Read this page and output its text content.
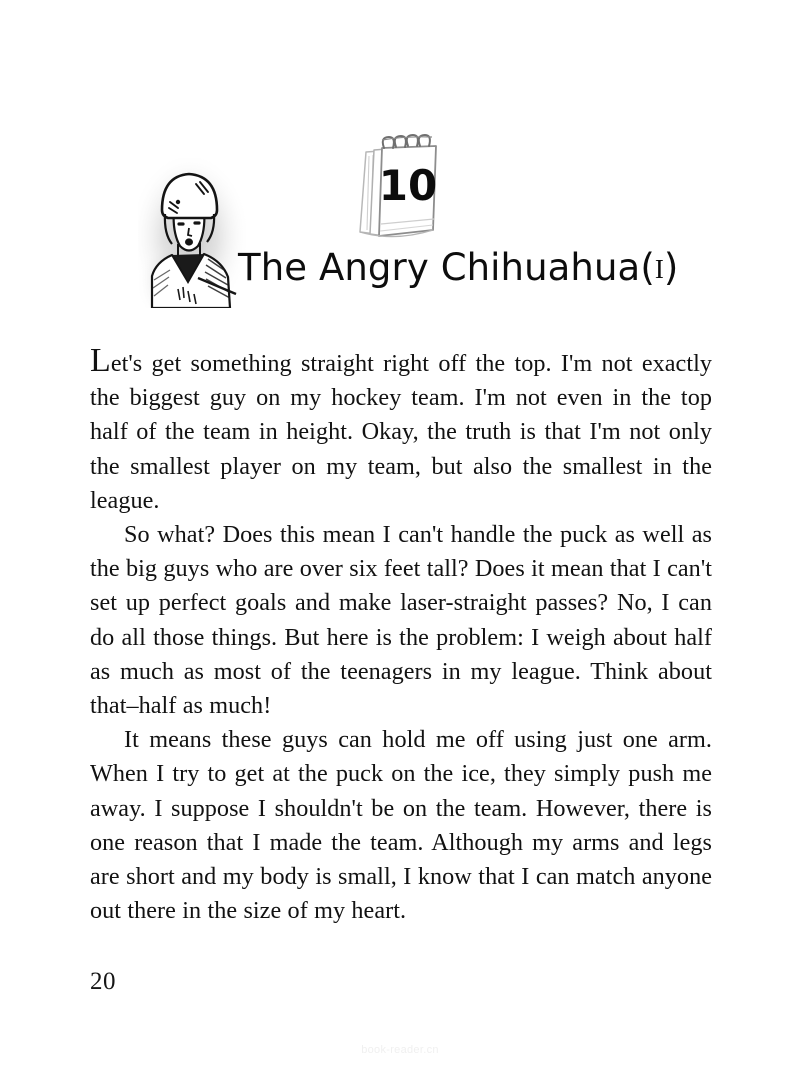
10
The Angry Chihuahua(I)

Let's get something straight right off the top. I'm not exactly the biggest guy on my hockey team. I'm not even in the top half of the team in height. Okay, the truth is that I'm not only the smallest player on my team, but also the smallest in the league.

So what? Does this mean I can't handle the puck as well as the big guys who are over six feet tall? Does it mean that I can't set up perfect goals and make laser-straight passes? No, I can do all those things. But here is the problem: I weigh about half as much as most of the teenagers in my league. Think about that–half as much!

It means these guys can hold me off using just one arm. When I try to get at the puck on the ice, they simply push me away. I suppose I shouldn't be on the team. However, there is one reason that I made the team. Although my arms and legs are short and my body is small, I know that I can match anyone out there in the size of my heart.

20
book-reader.cn
